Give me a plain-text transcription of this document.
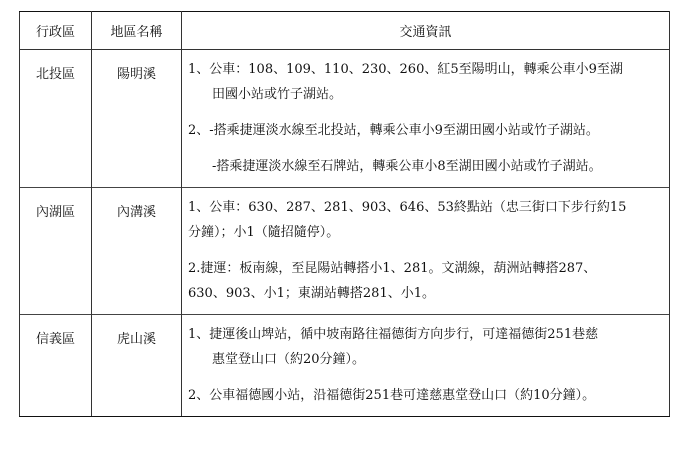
行政區	地區名稱	交通資訊
北投區	陽明溪	1、公車：108、109、110、230、260、紅5至陽明山，轉乘公車小9至湖
田國小站或竹子湖站。
2、-搭乘捷運淡水線至北投站，轉乘公車小9至湖田國小站或竹子湖站。
-搭乘捷運淡水線至石牌站，轉乘公車小8至湖田國小站或竹子湖站。

內湖區	內溝溪	1、公車：630、287、281、903、646、53終點站（忠三街口下步行約15
分鐘）；小1（隨招隨停）。
2.捷運：板南線，至昆陽站轉搭小1、281。文湖線，葫洲站轉搭287、
630、903、小1；東湖站轉搭281、小1。

信義區	虎山溪	1、捷運後山埤站，循中坡南路往福德街方向步行，可達福德街251巷慈
惠堂登山口（約20分鐘）。
2、公車福德國小站，沿福德街251巷可達慈惠堂登山口（約10分鐘）。
